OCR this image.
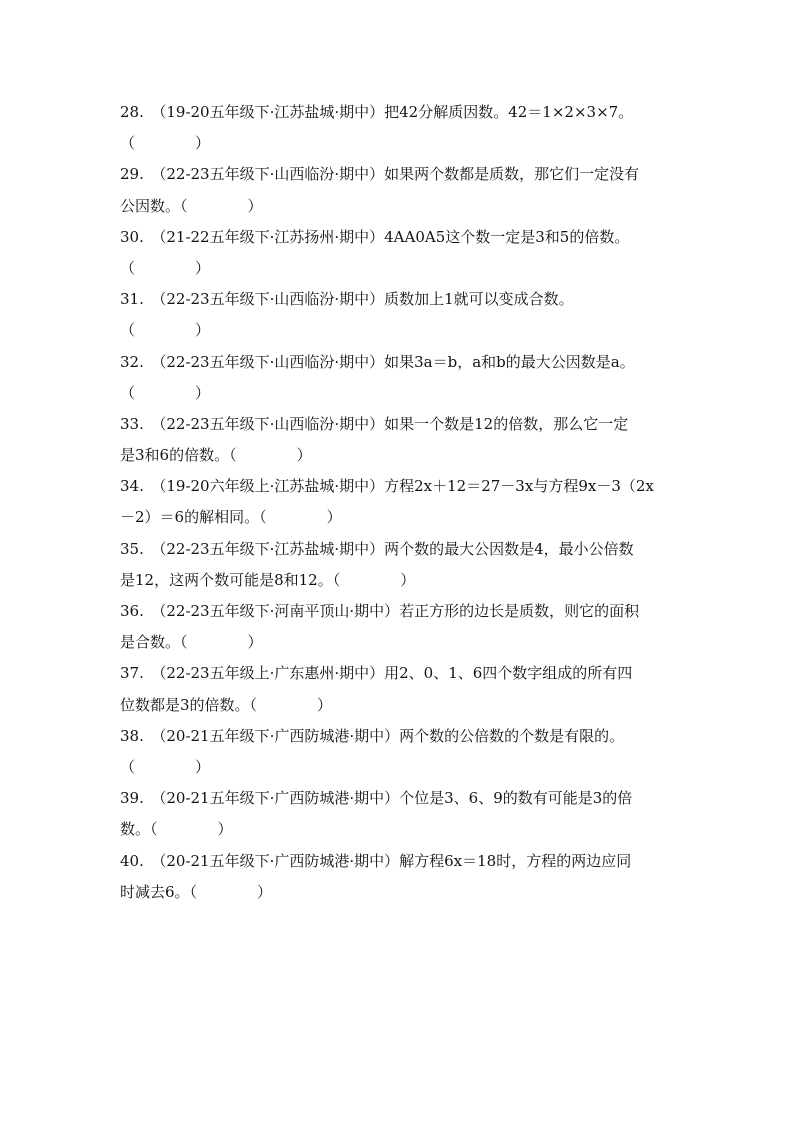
28.　（19-20五年级下·江苏盐城·期中）把42分解质因数。42＝1×2×3×7。
（　　　　）
29.　（22-23五年级下·山西临汾·期中）如果两个数都是质数，那它们一定没有
公因数。（　　　　）
30.　（21-22五年级下·江苏扬州·期中）4AA0A5这个数一定是3和5的倍数。
（　　　　）
31.　（22-23五年级下·山西临汾·期中）质数加上1就可以变成合数。
（　　　　）
32.　（22-23五年级下·山西临汾·期中）如果3a＝b，a和b的最大公因数是a。
（　　　　）
33.　（22-23五年级下·山西临汾·期中）如果一个数是12的倍数，那么它一定
是3和6的倍数。（　　　　）
34.　（19-20六年级上·江苏盐城·期中）方程2x＋12＝27－3x与方程9x－3（2x
－2）＝6的解相同。（　　　　）
35.　（22-23五年级下·江苏盐城·期中）两个数的最大公因数是4，最小公倍数
是12，这两个数可能是8和12。（　　　　）
36.　（22-23五年级下·河南平顶山·期中）若正方形的边长是质数，则它的面积
是合数。（　　　　）
37.　（22-23五年级上·广东惠州·期中）用2、0、1、6四个数字组成的所有四
位数都是3的倍数。（　　　　）
38.　（20-21五年级下·广西防城港·期中）两个数的公倍数的个数是有限的。
（　　　　）
39.　（20-21五年级下·广西防城港·期中）个位是3、6、9的数有可能是3的倍
数。（　　　　）
40.　（20-21五年级下·广西防城港·期中）解方程6x＝18时，方程的两边应同
时减去6。（　　　　）
